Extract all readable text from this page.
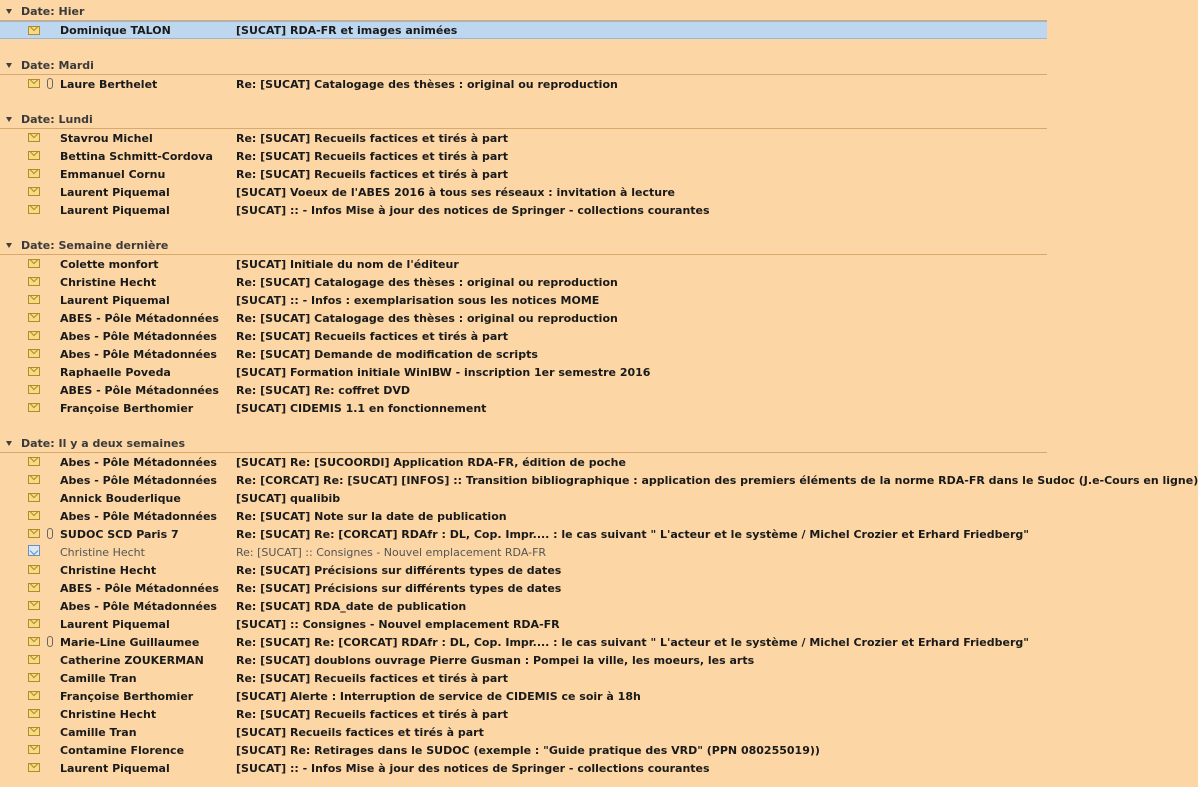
Date: Hier
Dominique TALON	[SUCAT] RDA-FR et images animées
Date: Mardi
Laure Berthelet	Re: [SUCAT] Catalogage des thèses : original ou reproduction
Date: Lundi
Stavrou Michel	Re: [SUCAT] Recueils factices et tirés à part
Bettina Schmitt-Cordova	Re: [SUCAT] Recueils factices et tirés à part
Emmanuel Cornu	Re: [SUCAT] Recueils factices et tirés à part
Laurent Piquemal	[SUCAT] Voeux de l'ABES 2016 à tous ses réseaux : invitation à lecture
Laurent Piquemal	[SUCAT] :: - Infos Mise à jour des notices de Springer - collections courantes
Date: Semaine dernière
Colette monfort	[SUCAT] Initiale du nom de l'éditeur
Christine Hecht	Re: [SUCAT] Catalogage des thèses : original ou reproduction
Laurent Piquemal	[SUCAT] :: - Infos : exemplarisation sous les notices MOME
ABES - Pôle Métadonnées	Re: [SUCAT] Catalogage des thèses : original ou reproduction
Abes - Pôle Métadonnées	Re: [SUCAT] Recueils factices et tirés à part
Abes - Pôle Métadonnées	Re: [SUCAT] Demande de modification de scripts
Raphaelle Poveda	[SUCAT] Formation initiale WinIBW - inscription 1er semestre 2016
ABES - Pôle Métadonnées	Re: [SUCAT] Re: coffret DVD
Françoise Berthomier	[SUCAT] CIDEMIS 1.1 en fonctionnement
Date: Il y a deux semaines
Abes - Pôle Métadonnées	[SUCAT] Re: [SUCOORDI] Application RDA-FR, édition de poche
Abes - Pôle Métadonnées	Re: [CORCAT] Re: [SUCAT] [INFOS] :: Transition bibliographique : application des premiers éléments de la norme RDA-FR dans le Sudoc (J.e-Cours en ligne)
Annick Bouderlique	[SUCAT] qualibib
Abes - Pôle Métadonnées	Re: [SUCAT] Note sur la date de publication
SUDOC SCD Paris 7	Re: [SUCAT] Re: [CORCAT] RDAfr : DL, Cop. Impr.... : le cas suivant " L'acteur et le système / Michel Crozier et Erhard Friedberg"
Christine Hecht	Re: [SUCAT] :: Consignes - Nouvel emplacement RDA-FR
Christine Hecht	Re: [SUCAT] Précisions sur différents types de dates
ABES - Pôle Métadonnées	Re: [SUCAT] Précisions sur différents types de dates
Abes - Pôle Métadonnées	Re: [SUCAT] RDA_date de publication
Laurent Piquemal	[SUCAT] :: Consignes - Nouvel emplacement RDA-FR
Marie-Line Guillaumee	Re: [SUCAT] Re: [CORCAT] RDAfr : DL, Cop. Impr.... : le cas suivant " L'acteur et le système / Michel Crozier et Erhard Friedberg"
Catherine ZOUKERMAN	Re: [SUCAT] doublons ouvrage Pierre Gusman : Pompei la ville, les moeurs, les arts
Camille Tran	Re: [SUCAT] Recueils factices et tirés à part
Françoise Berthomier	[SUCAT] Alerte : Interruption de service de CIDEMIS ce soir à 18h
Christine Hecht	Re: [SUCAT] Recueils factices et tirés à part
Camille Tran	[SUCAT] Recueils factices et tirés à part
Contamine Florence	[SUCAT] Re: Retirages dans le SUDOC (exemple : "Guide pratique des VRD" (PPN 080255019))
Laurent Piquemal	[SUCAT] :: - Infos Mise à jour des notices de Springer - collections courantes
